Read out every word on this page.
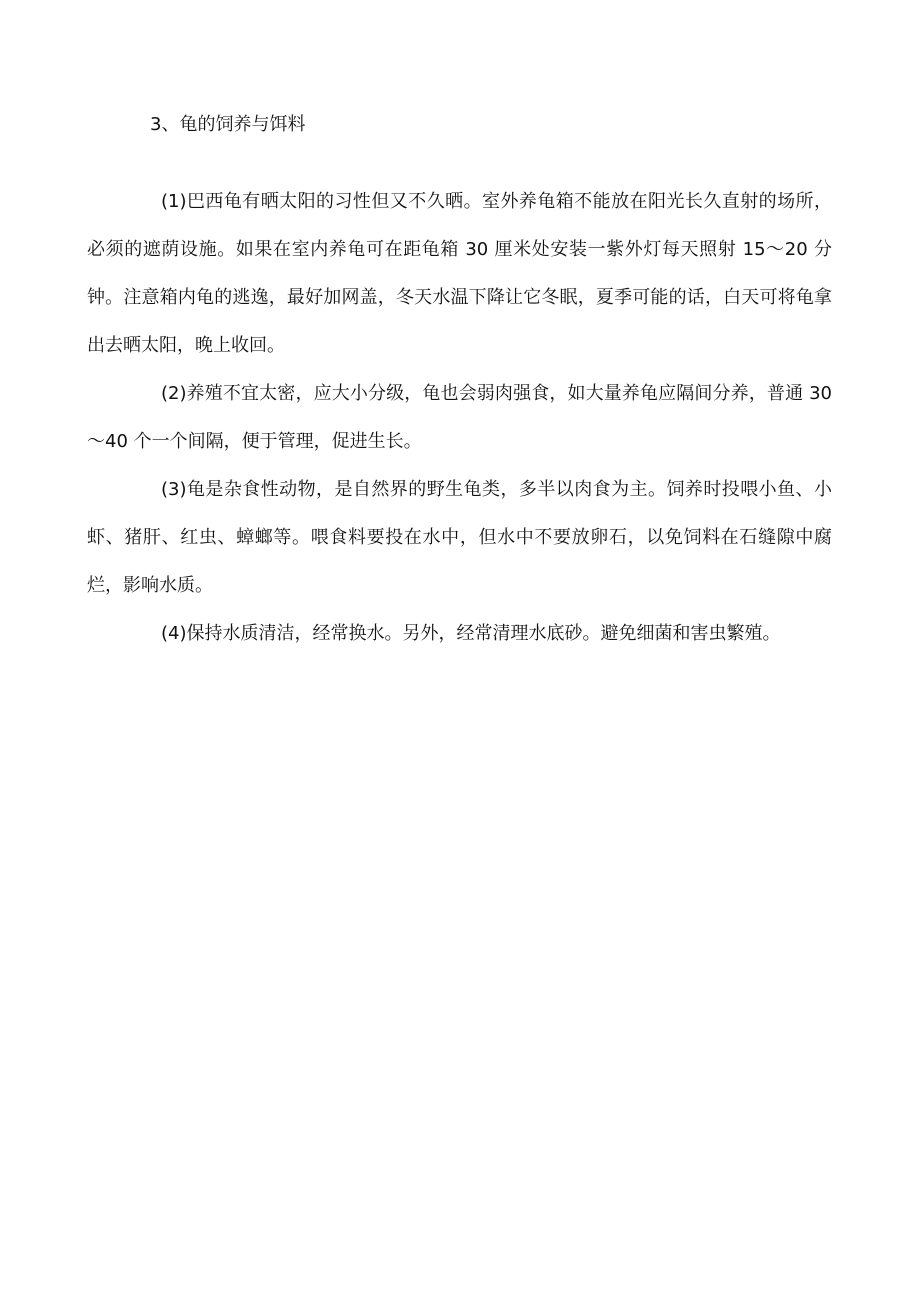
3、龟的饲养与饵料

(1)巴西龟有晒太阳的习性但又不久晒。室外养龟箱不能放在阳光长久直射的场所，必须的遮荫设施。如果在室内养龟可在距龟箱 30 厘米处安装一紫外灯每天照射 15～20 分钟。注意箱内龟的逃逸，最好加网盖，冬天水温下降让它冬眠，夏季可能的话，白天可将龟拿出去晒太阳，晚上收回。

(2)养殖不宜太密，应大小分级，龟也会弱肉强食，如大量养龟应隔间分养，普通 30～40 个一个间隔，便于管理，促进生长。

(3)龟是杂食性动物，是自然界的野生龟类，多半以肉食为主。饲养时投喂小鱼、小虾、猪肝、红虫、蟑螂等。喂食料要投在水中，但水中不要放卵石，以免饲料在石缝隙中腐烂，影响水质。

(4)保持水质清洁，经常换水。另外，经常清理水底砂。避免细菌和害虫繁殖。
